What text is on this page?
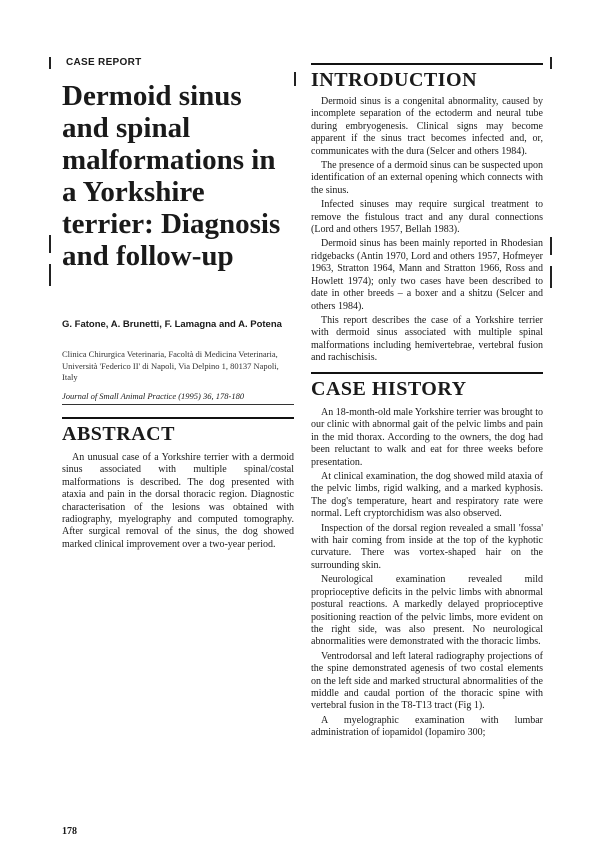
CASE REPORT
Dermoid sinus and spinal malformations in a Yorkshire terrier: Diagnosis and follow-up
G. Fatone, A. Brunetti, F. Lamagna and A. Potena
Clinica Chirurgica Veterinaria, Facoltà di Medicina Veterinaria, Università 'Federico II' di Napoli, Via Delpino 1, 80137 Napoli, Italy
Journal of Small Animal Practice (1995) 36, 178-180
ABSTRACT

An unusual case of a Yorkshire terrier with a dermoid sinus associated with multiple spinal/costal malformations is described. The dog presented with ataxia and pain in the dorsal thoracic region. Diagnostic characterisation of the lesions was obtained with radiography, myelography and computed tomography. After surgical removal of the sinus, the dog showed marked clinical improvement over a two-year period.

INTRODUCTION

Dermoid sinus is a congenital abnormality, caused by incomplete separation of the ectoderm and neural tube during embryogenesis. Clinical signs may become apparent if the sinus tract becomes infected and, or, communicates with the dura (Selcer and others 1984).

The presence of a dermoid sinus can be suspected upon identification of an external opening which connects with the sinus.

Infected sinuses may require surgical treatment to remove the fistulous tract and any dural connections (Lord and others 1957, Bellah 1983).

Dermoid sinus has been mainly reported in Rhodesian ridgebacks (Antin 1970, Lord and others 1957, Hofmeyer 1963, Stratton 1964, Mann and Stratton 1966, Ross and Howlett 1974); only two cases have been described to date in other breeds – a boxer and a shitzu (Selcer and others 1984).

This report describes the case of a Yorkshire terrier with dermoid sinus associated with multiple spinal malformations including hemivertebrae, vertebral fusion and rachischisis.

CASE HISTORY

An 18-month-old male Yorkshire terrier was brought to our clinic with abnormal gait of the pelvic limbs and pain in the mid thorax. According to the owners, the dog had been reluctant to walk and eat for three weeks before presentation.

At clinical examination, the dog showed mild ataxia of the pelvic limbs, rigid walking, and a marked kyphosis. The dog's temperature, heart and respiratory rate were normal. Left cryptorchidism was also observed.

Inspection of the dorsal region revealed a small 'fossa' with hair coming from inside at the top of the kyphotic curvature. There was vortex-shaped hair on the surrounding skin.

Neurological examination revealed mild proprioceptive deficits in the pelvic limbs with abnormal postural reactions. A markedly delayed proprioceptive positioning reaction of the pelvic limbs, more evident on the right side, was also present. No neurological abnormalities were demonstrated with the thoracic limbs.

Ventrodorsal and left lateral radiography projections of the spine demonstrated agenesis of two costal elements on the left side and marked structural abnormalities of the middle and caudal portion of the thoracic spine with vertebral fusion in the T8-T13 tract (Fig 1).

A myelographic examination with lumbar administration of iopamidol (Iopamiro 300;

178
